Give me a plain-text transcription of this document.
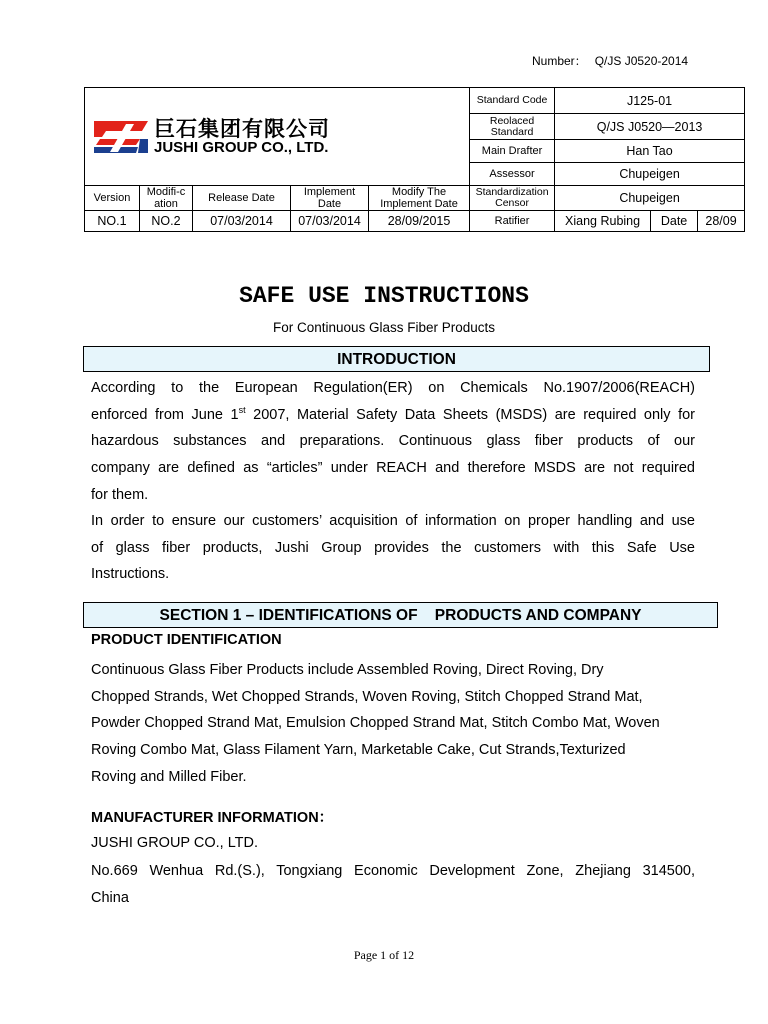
Number： Q/JS J0520-2014
巨石集团有限公司
JUSHI GROUP CO., LTD.					Standard Code	J125-01		
					Reolaced Standard	Q/JS J0520—2013		
					Main Drafter	Han Tao		
					Assessor	Chupeigen		
Version	Modifi-c ation	Release Date	Implement Date	Modify The Implement Date	Standardization Censor	Chupeigen		
NO.1	NO.2	07/03/2014	07/03/2014	28/09/2015	Ratifier	Xiang Rubing	Date	28/09
SAFE USE INSTRUCTIONS
For Continuous Glass Fiber Products
INTRODUCTION
According to the European Regulation(ER) on Chemicals No.1907/2006(REACH)
enforced from June 1st 2007, Material Safety Data Sheets (MSDS) are required only for
hazardous substances and preparations. Continuous glass fiber products of our
company are defined as “articles” under REACH and therefore MSDS are not required
for them.
In order to ensure our customers’ acquisition of information on proper handling and use
of glass fiber products, Jushi Group provides the customers with this Safe Use
Instructions.
SECTION 1 – IDENTIFICATIONS OF    PRODUCTS AND COMPANY
PRODUCT IDENTIFICATION
Continuous Glass Fiber Products include Assembled Roving, Direct Roving, Dry
Chopped Strands, Wet Chopped Strands, Woven Roving, Stitch Chopped Strand Mat,
Powder Chopped Strand Mat, Emulsion Chopped Strand Mat, Stitch Combo Mat, Woven
Roving Combo Mat, Glass Filament Yarn, Marketable Cake, Cut Strands,Texturized
Roving and Milled Fiber.
MANUFACTURER INFORMATION：
JUSHI GROUP CO., LTD.
No.669 Wenhua Rd.(S.), Tongxiang Economic Development Zone, Zhejiang 314500,
China
Page 1 of 12
